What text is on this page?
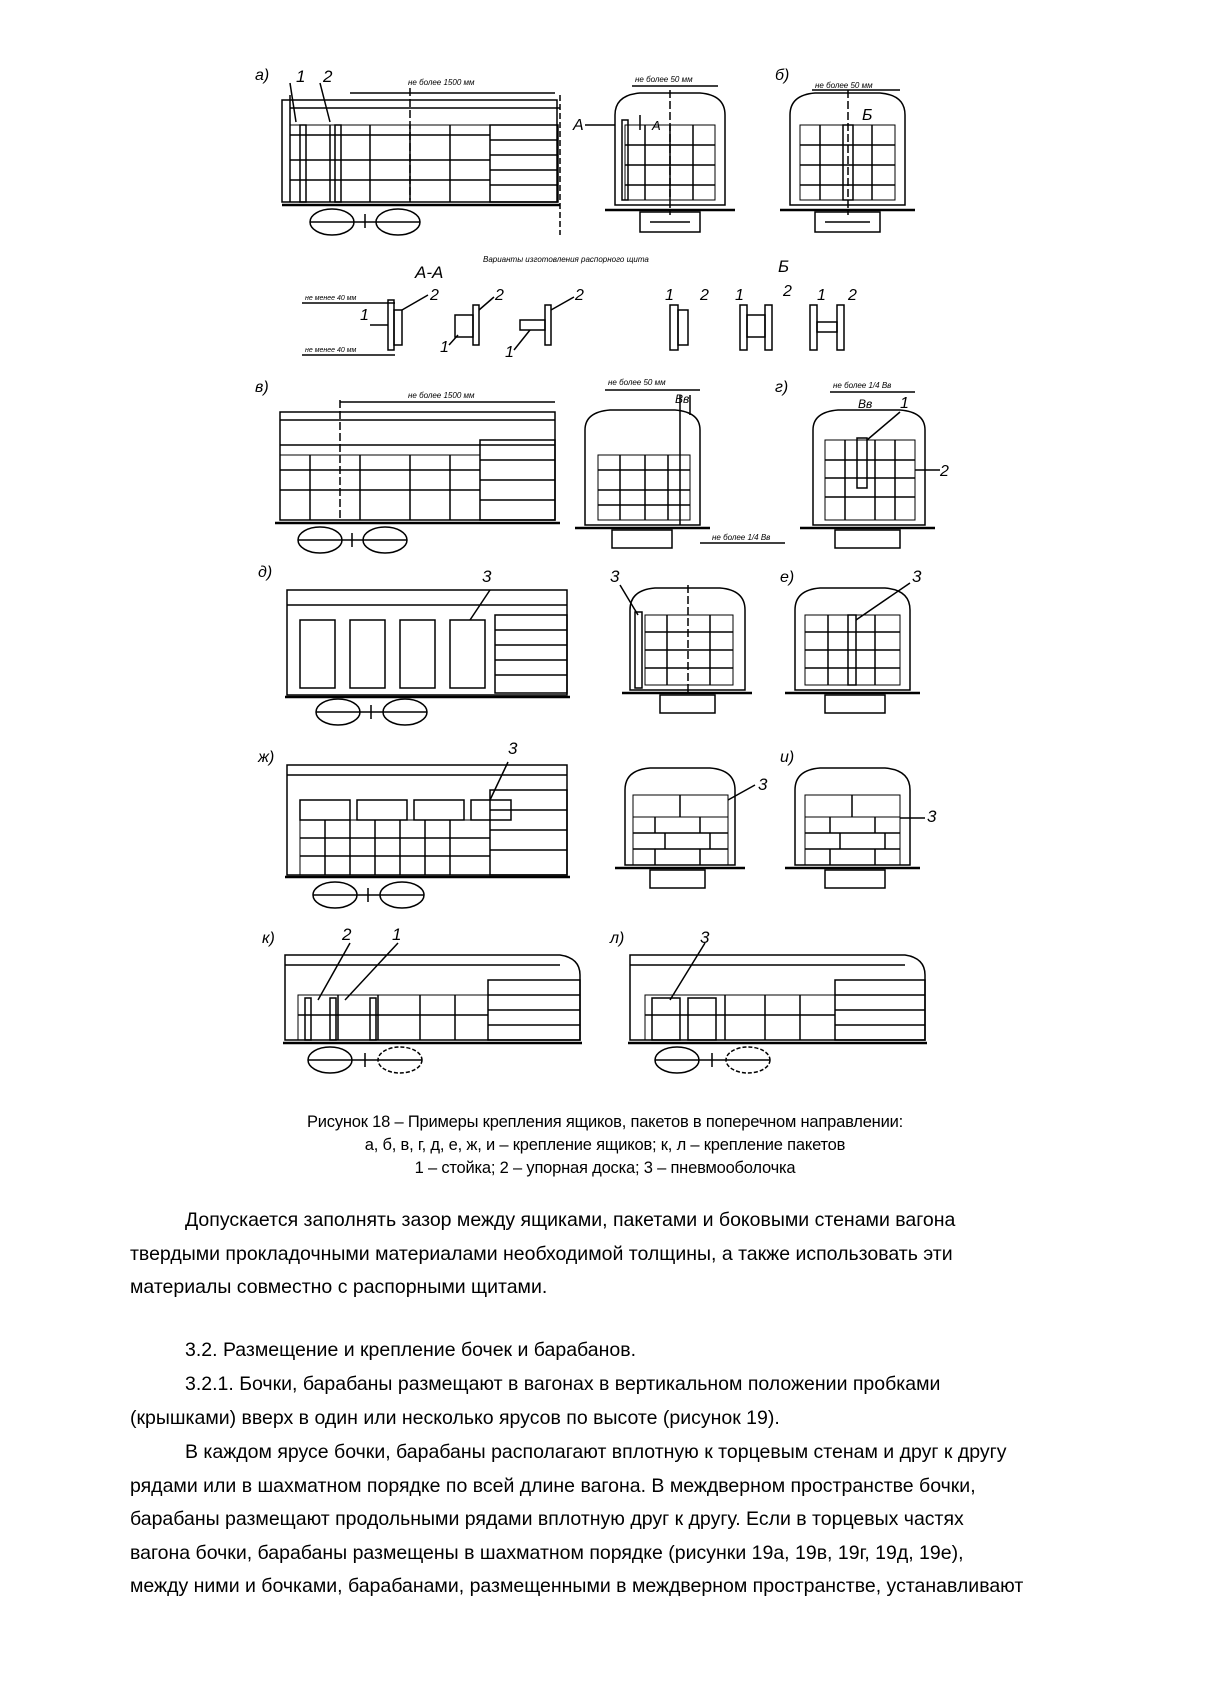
а) 1 2	не более 1500 мм	не более 50 мм
А	А
б)
не более 50 мм
Б
Варианты изготовления распорного щита
А-А	Б
не менее 40 мм
не менее 40 мм
1
2
1
2
1
2	1 2 1 2 1 2
в)	не более 1500 мм
не более 50 мм
Bв
не более 1/4 Bв
г)	не более 1/4 Bв
Bв 1
2
д)	3	3	е)	3
ж)	3
3
и)
3
к)	2 1	л)	3
Рисунок 18 – Примеры крепления ящиков, пакетов в поперечном направлении:
а, б, в, г, д, е, ж, и – крепление ящиков; к, л – крепление пакетов
1 – стойка; 2 – упорная доска; 3 – пневмооболочка
Допускается заполнять зазор между ящиками, пакетами и боковыми стенами вагона
твердыми прокладочными материалами необходимой толщины, а также использовать эти
материалы совместно с распорными щитами.
3.2. Размещение и крепление бочек и барабанов.
3.2.1. Бочки, барабаны размещают в вагонах в вертикальном положении пробками
(крышками) вверх в один или несколько ярусов по высоте (рисунок 19).
В каждом ярусе бочки, барабаны располагают вплотную к торцевым стенам и друг к другу
рядами или в шахматном порядке по всей длине вагона. В междверном пространстве бочки,
барабаны размещают продольными рядами вплотную друг к другу. Если в торцевых частях
вагона бочки, барабаны размещены в шахматном порядке (рисунки 19а, 19в, 19г, 19д, 19е),
между ними и бочками, барабанами, размещенными в междверном пространстве, устанавливают
